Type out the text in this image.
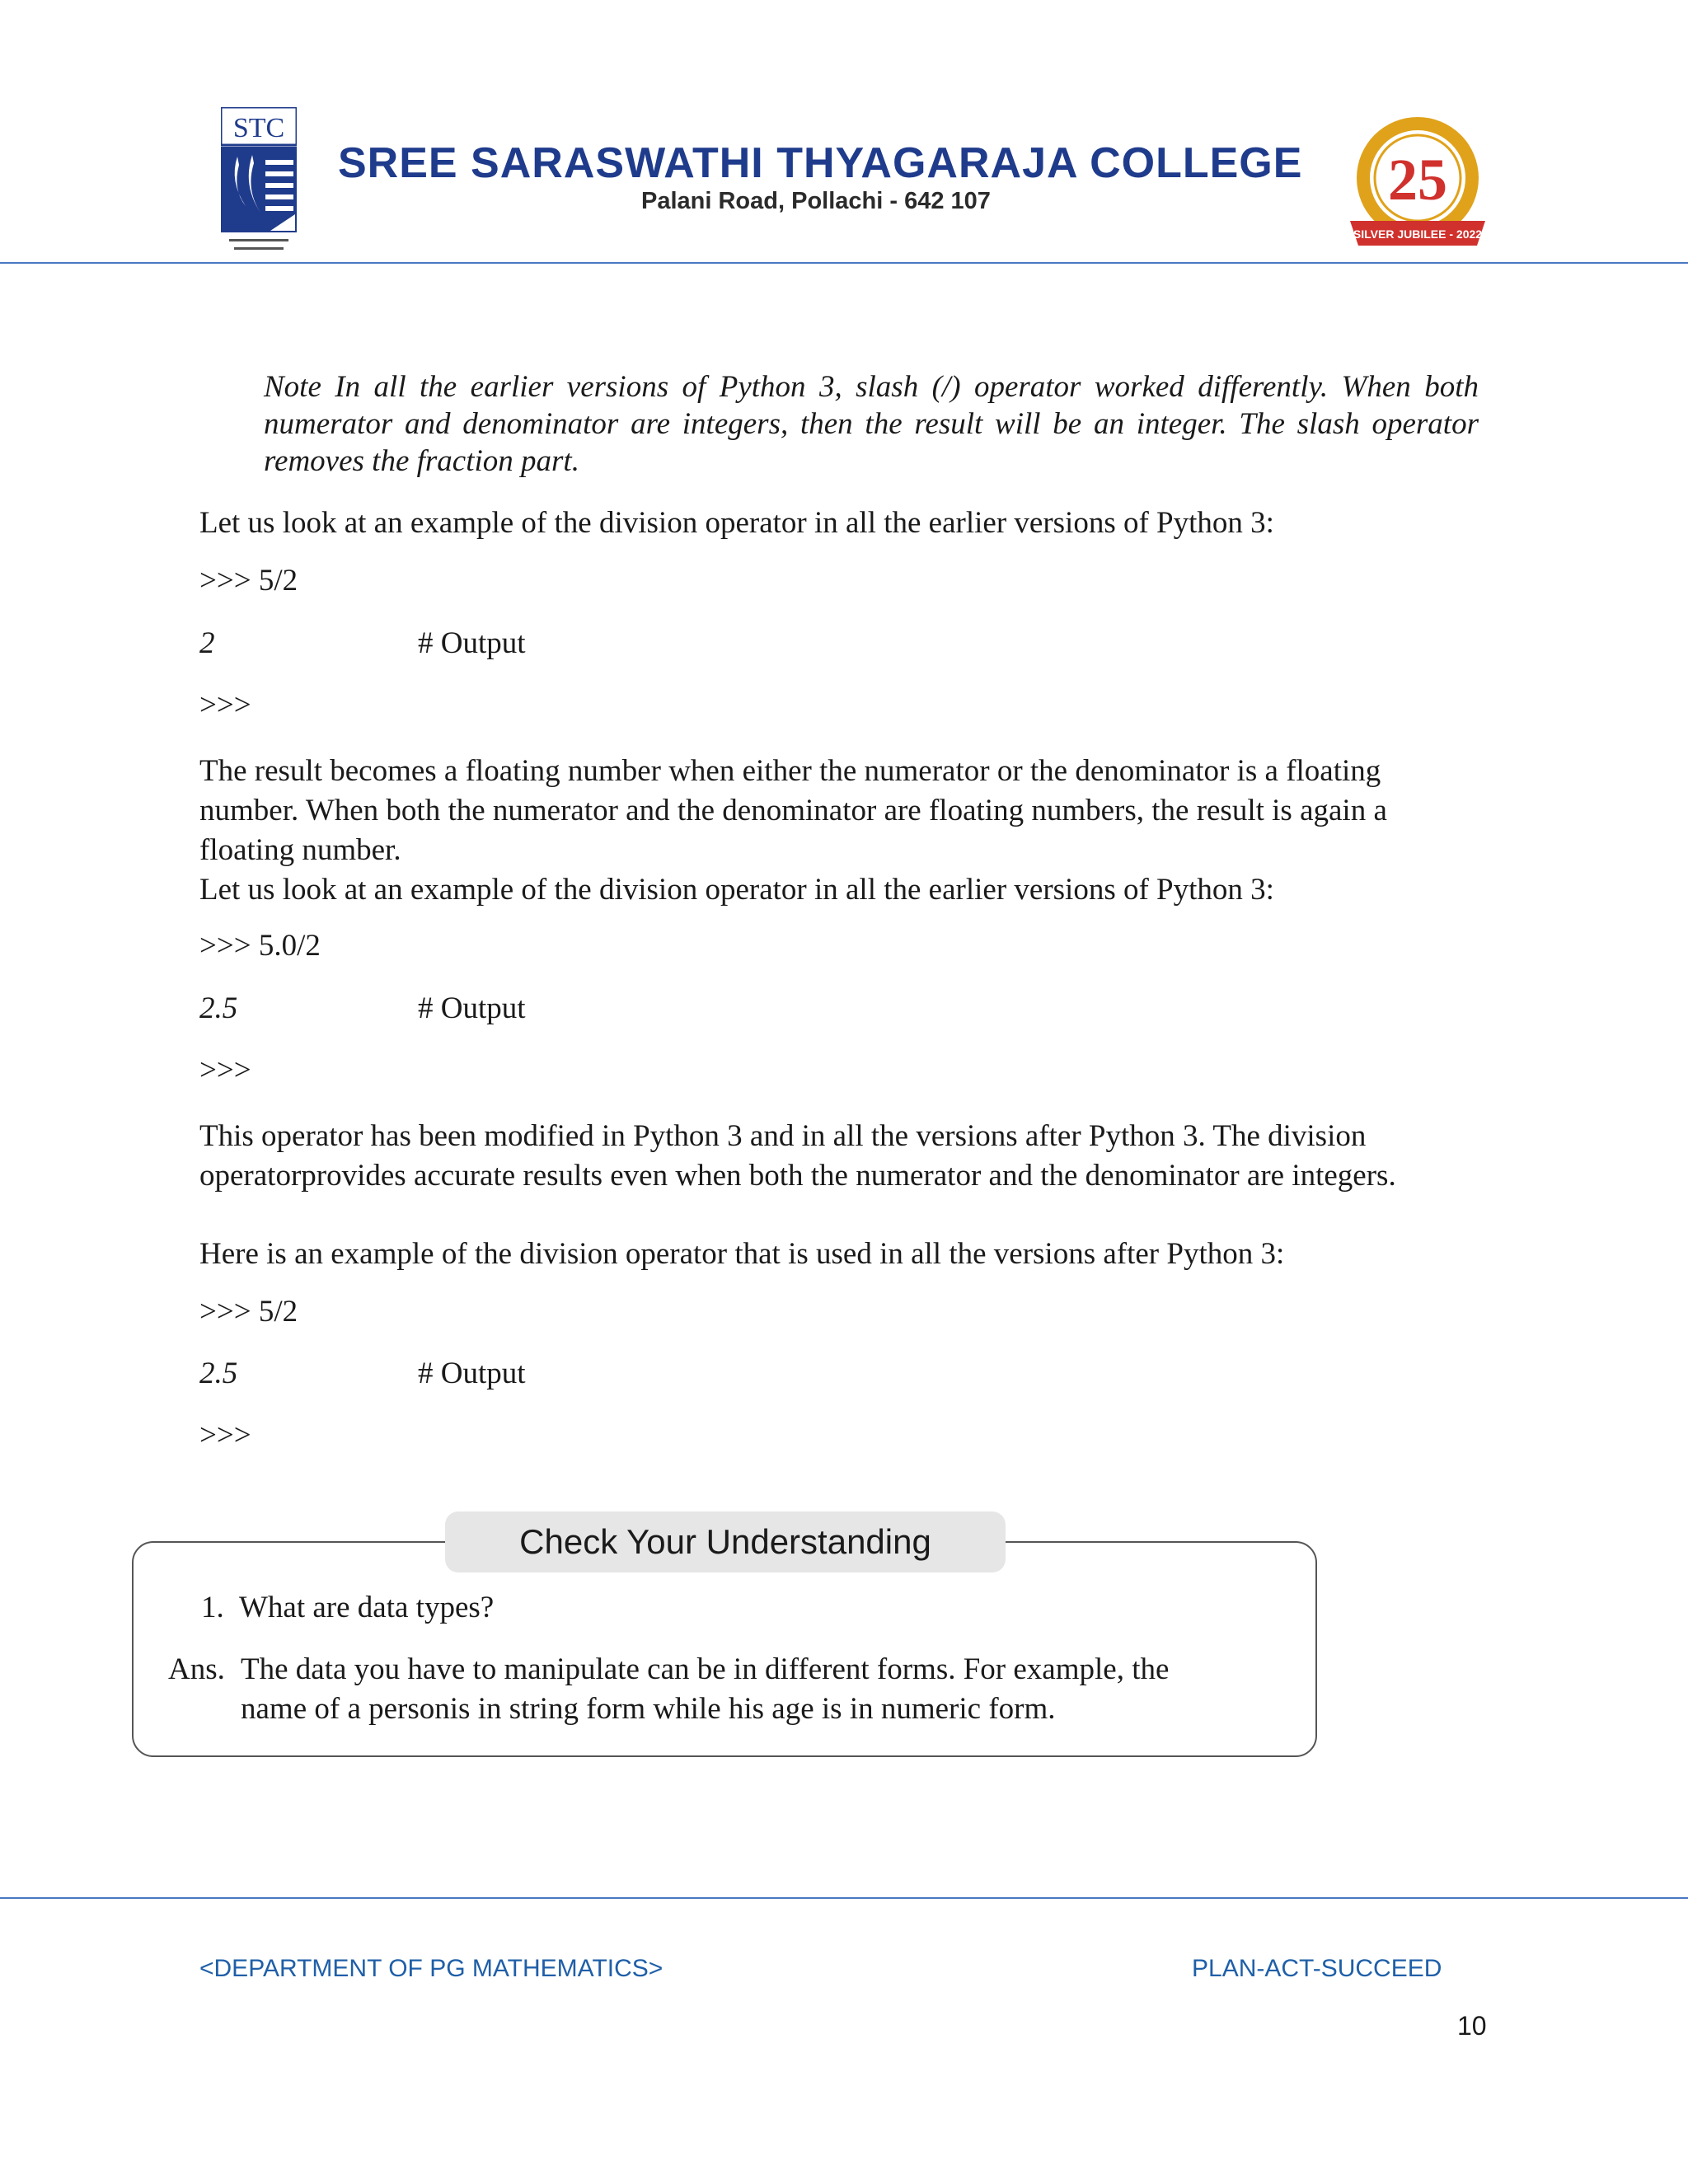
STC
SREE SARASWATHI THYAGARAJA COLLEGE
Palani Road, Pollachi - 642 107	25
SILVER JUBILEE - 2022
Note In all the earlier versions of Python 3, slash (/) operator worked differently. When both numerator and denominator are integers, then the result will be an integer. The slash operator removes the fraction part.
Let us look at an example of the division operator in all the earlier versions of Python 3:
>>> 5/2
2	# Output
>>>
The result becomes a floating number when either the numerator or the denominator is a floating number. When both the numerator and the denominator are floating numbers, the result is again a floating number.
Let us look at an example of the division operator in all the earlier versions of Python 3:
>>> 5.0/2
2.5	# Output
>>>
This operator has been modified in Python 3 and in all the versions after Python 3. The division operatorprovides accurate results even when both the numerator and the denominator are integers.
Here is an example of the division operator that is used in all the versions after Python 3:
>>> 5/2
2.5	# Output
>>>
Check Your Understanding
1. What are data types?
Ans. The data you have to manipulate can be in different forms. For example, the
name of a personis in string form while his age is in numeric form.
<DEPARTMENT OF PG MATHEMATICS>	PLAN-ACT-SUCCEED
10
